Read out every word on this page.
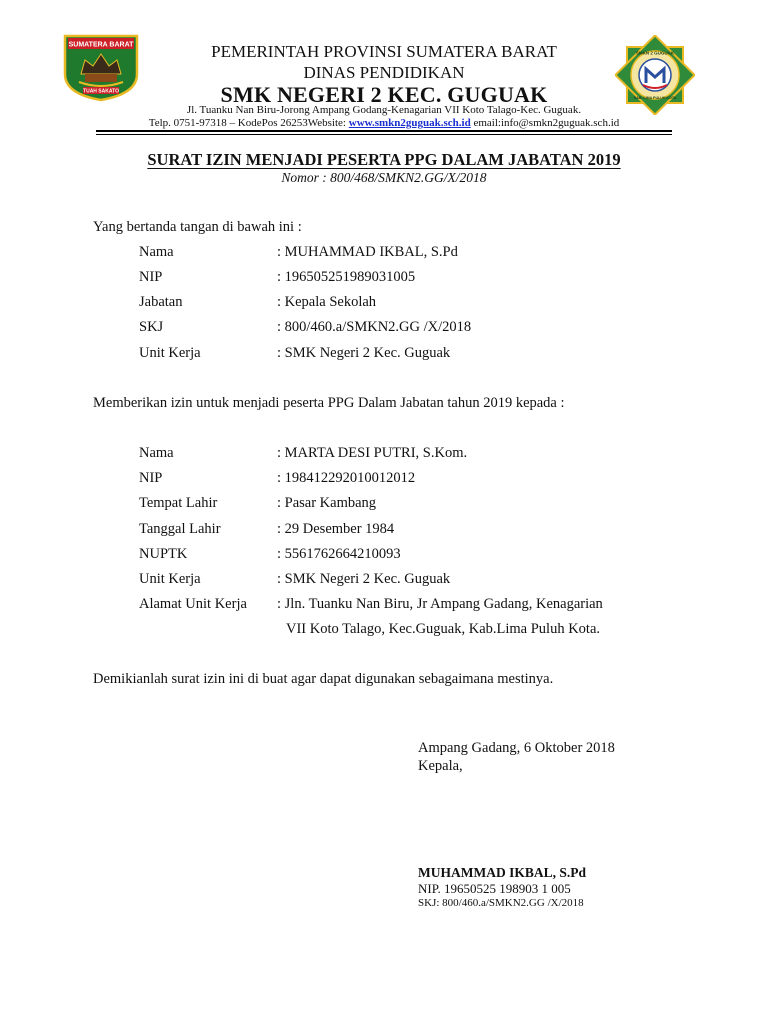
SUMATERA BARAT
TUAH SAKATO
SMKN 2 GUGUAK
KAB. LIMA PULUH KOTA
PEMERINTAH PROVINSI SUMATERA BARAT
DINAS PENDIDIKAN
SMK NEGERI 2 KEC. GUGUAK
Jl. Tuanku Nan Biru-Jorong Ampang Godang-Kenagarian VII Koto Talago-Kec. Guguak.
Telp. 0751-97318 – KodePos 26253Website: www.smkn2guguak.sch.id email:info@smkn2guguak.sch.id
SURAT IZIN MENJADI PESERTA PPG DALAM JABATAN 2019
Nomor : 800/468/SMKN2.GG/X/2018
Yang bertanda tangan di bawah ini :
Nama	: MUHAMMAD IKBAL, S.Pd
NIP	: 196505251989031005
Jabatan	: Kepala Sekolah
SKJ	: 800/460.a/SMKN2.GG /X/2018
Unit Kerja	: SMK Negeri 2 Kec. Guguak
Memberikan izin untuk menjadi peserta PPG Dalam Jabatan tahun 2019 kepada :
Nama	: MARTA DESI PUTRI, S.Kom.
NIP	: 198412292010012012
Tempat Lahir	: Pasar Kambang
Tanggal Lahir	: 29 Desember 1984
NUPTK	: 5561762664210093
Unit Kerja	: SMK Negeri 2 Kec. Guguak
Alamat Unit Kerja : Jln. Tuanku Nan Biru, Jr Ampang Gadang, Kenagarian
VII Koto Talago, Kec.Guguak, Kab.Lima Puluh Kota.
Demikianlah surat izin ini di buat agar dapat digunakan sebagaimana mestinya.
Ampang Gadang, 6 Oktober 2018
Kepala,
MUHAMMAD IKBAL, S.Pd
NIP. 19650525 198903 1 005
SKJ: 800/460.a/SMKN2.GG /X/2018
